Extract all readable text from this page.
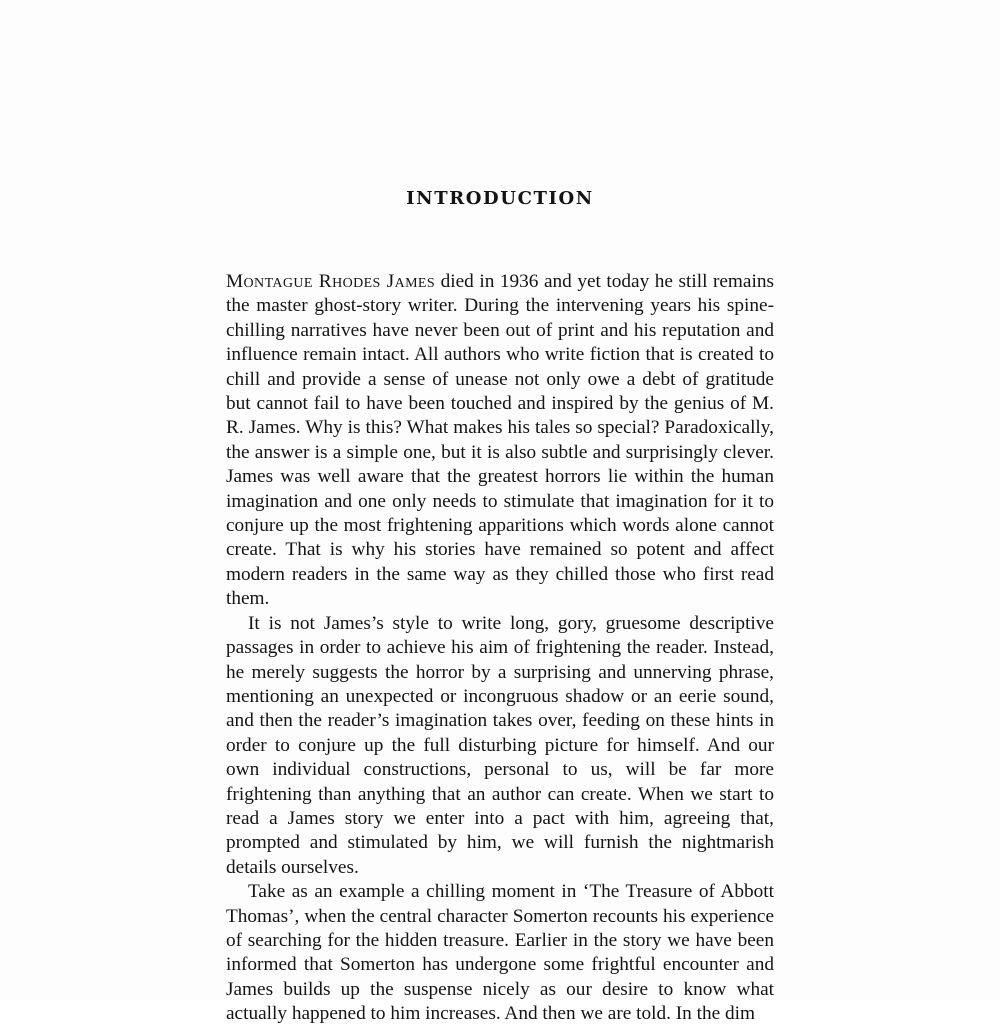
INTRODUCTION

Montague Rhodes James died in 1936 and yet today he still remains the master ghost-story writer. During the intervening years his spine-chilling narratives have never been out of print and his reputation and influence remain intact. All authors who write fiction that is created to chill and provide a sense of unease not only owe a debt of gratitude but cannot fail to have been touched and inspired by the genius of M. R. James. Why is this? What makes his tales so special? Paradoxically, the answer is a simple one, but it is also subtle and surprisingly clever. James was well aware that the greatest horrors lie within the human imagination and one only needs to stimulate that imagination for it to conjure up the most frightening apparitions which words alone cannot create. That is why his stories have remained so potent and affect modern readers in the same way as they chilled those who first read them.

It is not James’s style to write long, gory, gruesome descriptive passages in order to achieve his aim of frightening the reader. Instead, he merely suggests the horror by a surprising and unnerving phrase, mentioning an unexpected or incongruous shadow or an eerie sound, and then the reader’s imagination takes over, feeding on these hints in order to conjure up the full disturbing picture for himself. And our own individual constructions, personal to us, will be far more frightening than anything that an author can create. When we start to read a James story we enter into a pact with him, agreeing that, prompted and stimulated by him, we will furnish the nightmarish details ourselves.

Take as an example a chilling moment in ‘The Treasure of Abbott Thomas’, when the central character Somerton recounts his experience of searching for the hidden treasure. Earlier in the story we have been informed that Somerton has undergone some frightful encounter and James builds up the suspense nicely as our desire to know what actually happened to him increases. And then we are told. In the dim
